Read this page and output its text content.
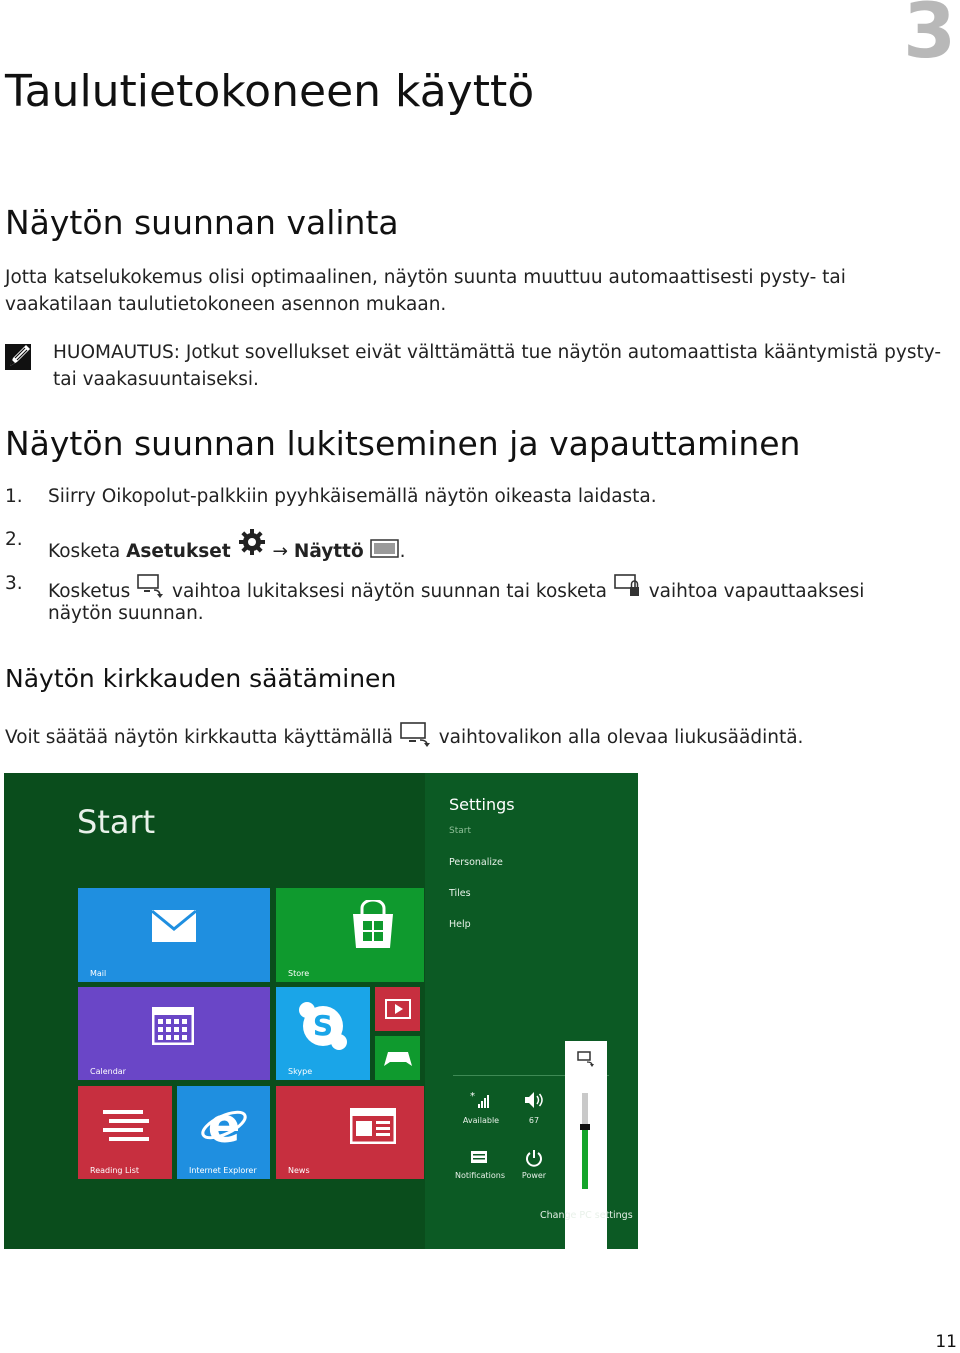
3
Taulutietokoneen käyttö
Näytön suunnan valinta

Jotta katselukokemus olisi optimaalinen, näytön suunta muuttuu automaattisesti pysty- tai vaakatilaan taulutietokoneen asennon mukaan.

HUOMAUTUS: Jotkut sovellukset eivät välttämättä tue näytön automaattista kääntymistä pysty- tai vaakasuuntaiseksi.

Näytön suunnan lukitseminen ja vapauttaminen
1. Siirry Oikopolut-palkkiin pyyhkäisemällä näytön oikeasta laidasta.
2.
Kosketa Asetukset  → Näyttö .
3. Kosketus  vaihtoa lukitaksesi näytön suunnan tai kosketa  vaihtoa vapauttaaksesi näytön suunnan.
Näytön kirkkauden säätäminen

Voit säätää näytön kirkkautta käyttämällä  vaihtovalikon alla olevaa liukusäädintä.

Start
Mail	Store
Calendar
S
Skype
Reading List
e
Internet Explorer	News
Settings
Start
Personalize
Tiles
Help
*
Available	67
Notifications	Power
Change PC settings
11
